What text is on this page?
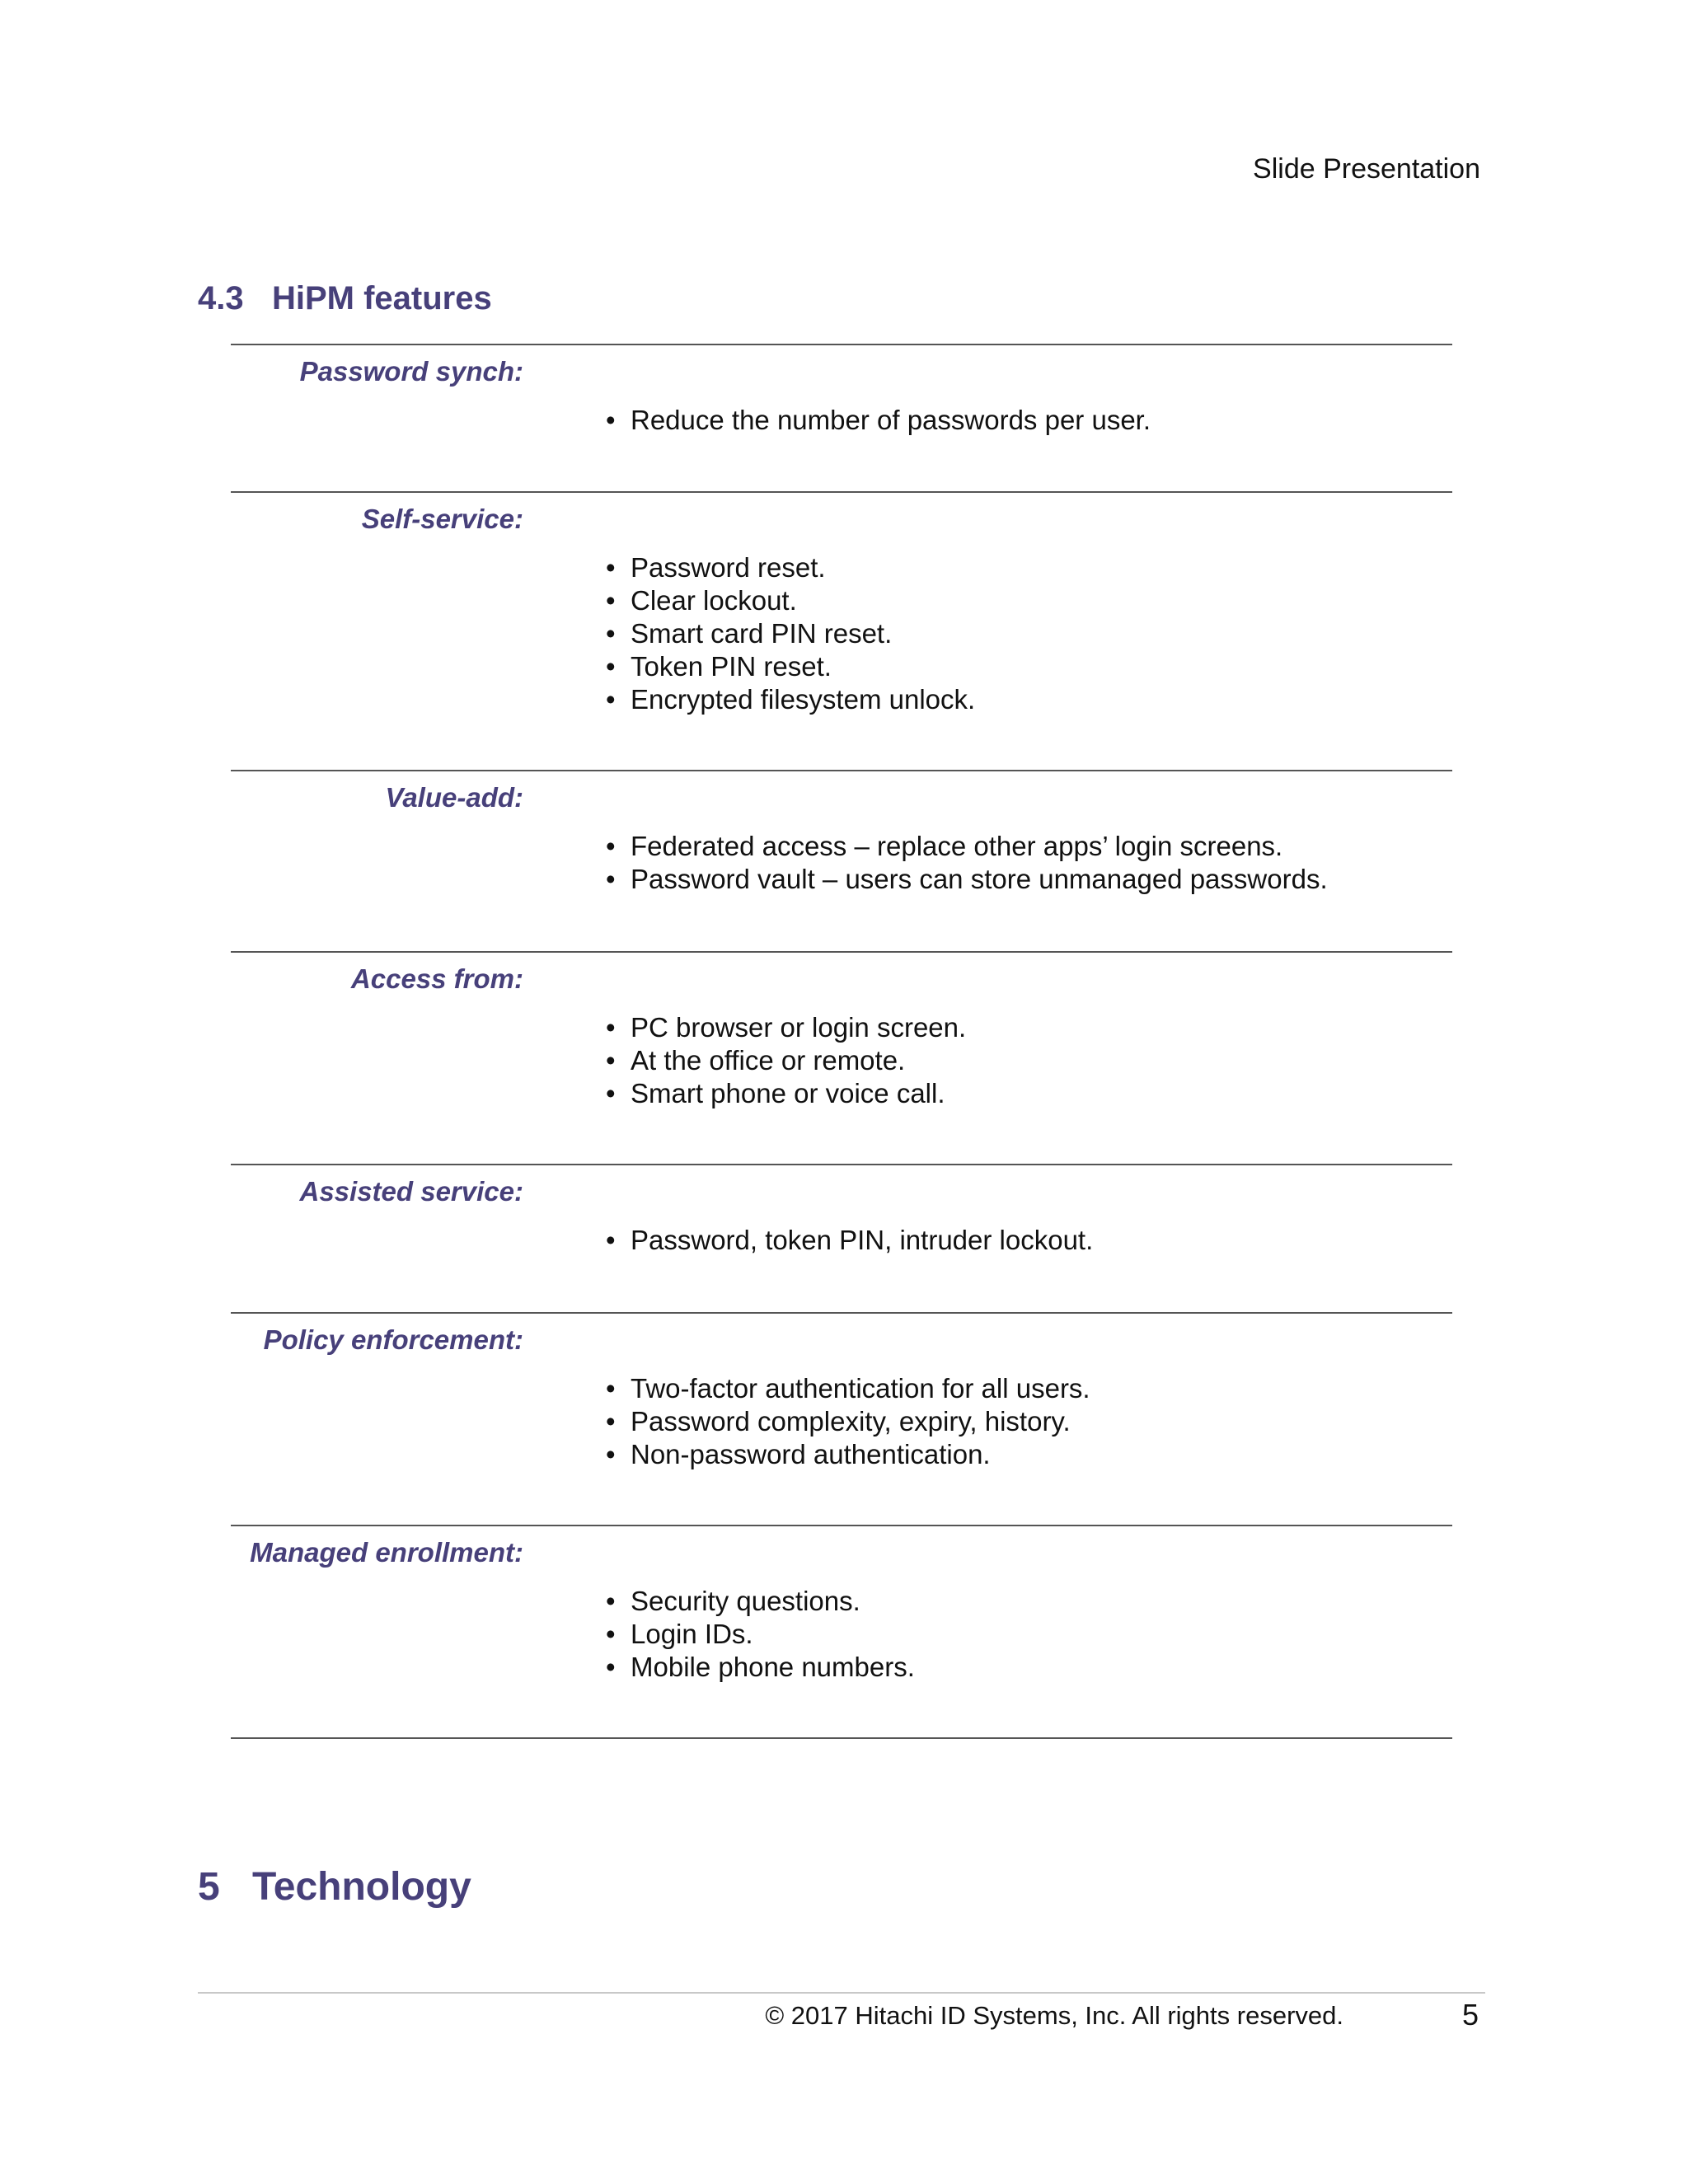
Slide Presentation
4.3 HiPM features
Password synch:
• Reduce the number of passwords per user.
Self-service:
• Password reset.
• Clear lockout.
• Smart card PIN reset.
• Token PIN reset.
• Encrypted filesystem unlock.
Value-add:
• Federated access – replace other apps’ login screens.
• Password vault – users can store unmanaged passwords.
Access from:
• PC browser or login screen.
• At the office or remote.
• Smart phone or voice call.
Assisted service:
• Password, token PIN, intruder lockout.
Policy enforcement:
• Two-factor authentication for all users.
• Password complexity, expiry, history.
• Non-password authentication.
Managed enrollment:
• Security questions.
• Login IDs.
• Mobile phone numbers.
5 Technology
© 2017 Hitachi ID Systems, Inc. All rights reserved.	5
